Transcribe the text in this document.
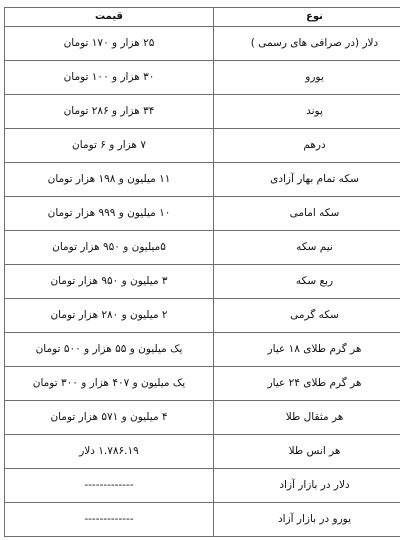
نوع	قیمت
دلار (در صرافی های رسمی )	۲۵ هزار و ۱۷۰ تومان
یورو	۳۰ هزار و ۱۰۰ تومان
پوند	۳۴ هزار و ۲۸۶ تومان
درهم	۷ هزار و ۶ تومان
سکه تمام بهار آزادی	۱۱ میلیون و ۱۹۸ هزار تومان
سکه امامی	۱۰ میلیون و ۹۹۹ هزار تومان
نیم سکه	۵میلیون و ۹۵۰ هزار تومان
ربع سکه	۳ میلیون و ۹۵۰ هزار تومان
سکه گرمی	۲ میلیون و ۲۸۰ هزار تومان
هر گرم طلای ۱۸ عیار	یک میلیون و ۵۵ هزار و ۵۰۰ تومان
هر گرم طلای ۲۴ عیار	یک میلیون و ۴۰۷ هزار و ۳۰۰ تومان
هر مثقال طلا	۴ میلیون و ۵۷۱ هزار تومان
هر انس طلا	۱.۷۸۶.۱۹ دلار
دلار در بازار آزاد	-------------
یورو در بازار آزاد	-------------
